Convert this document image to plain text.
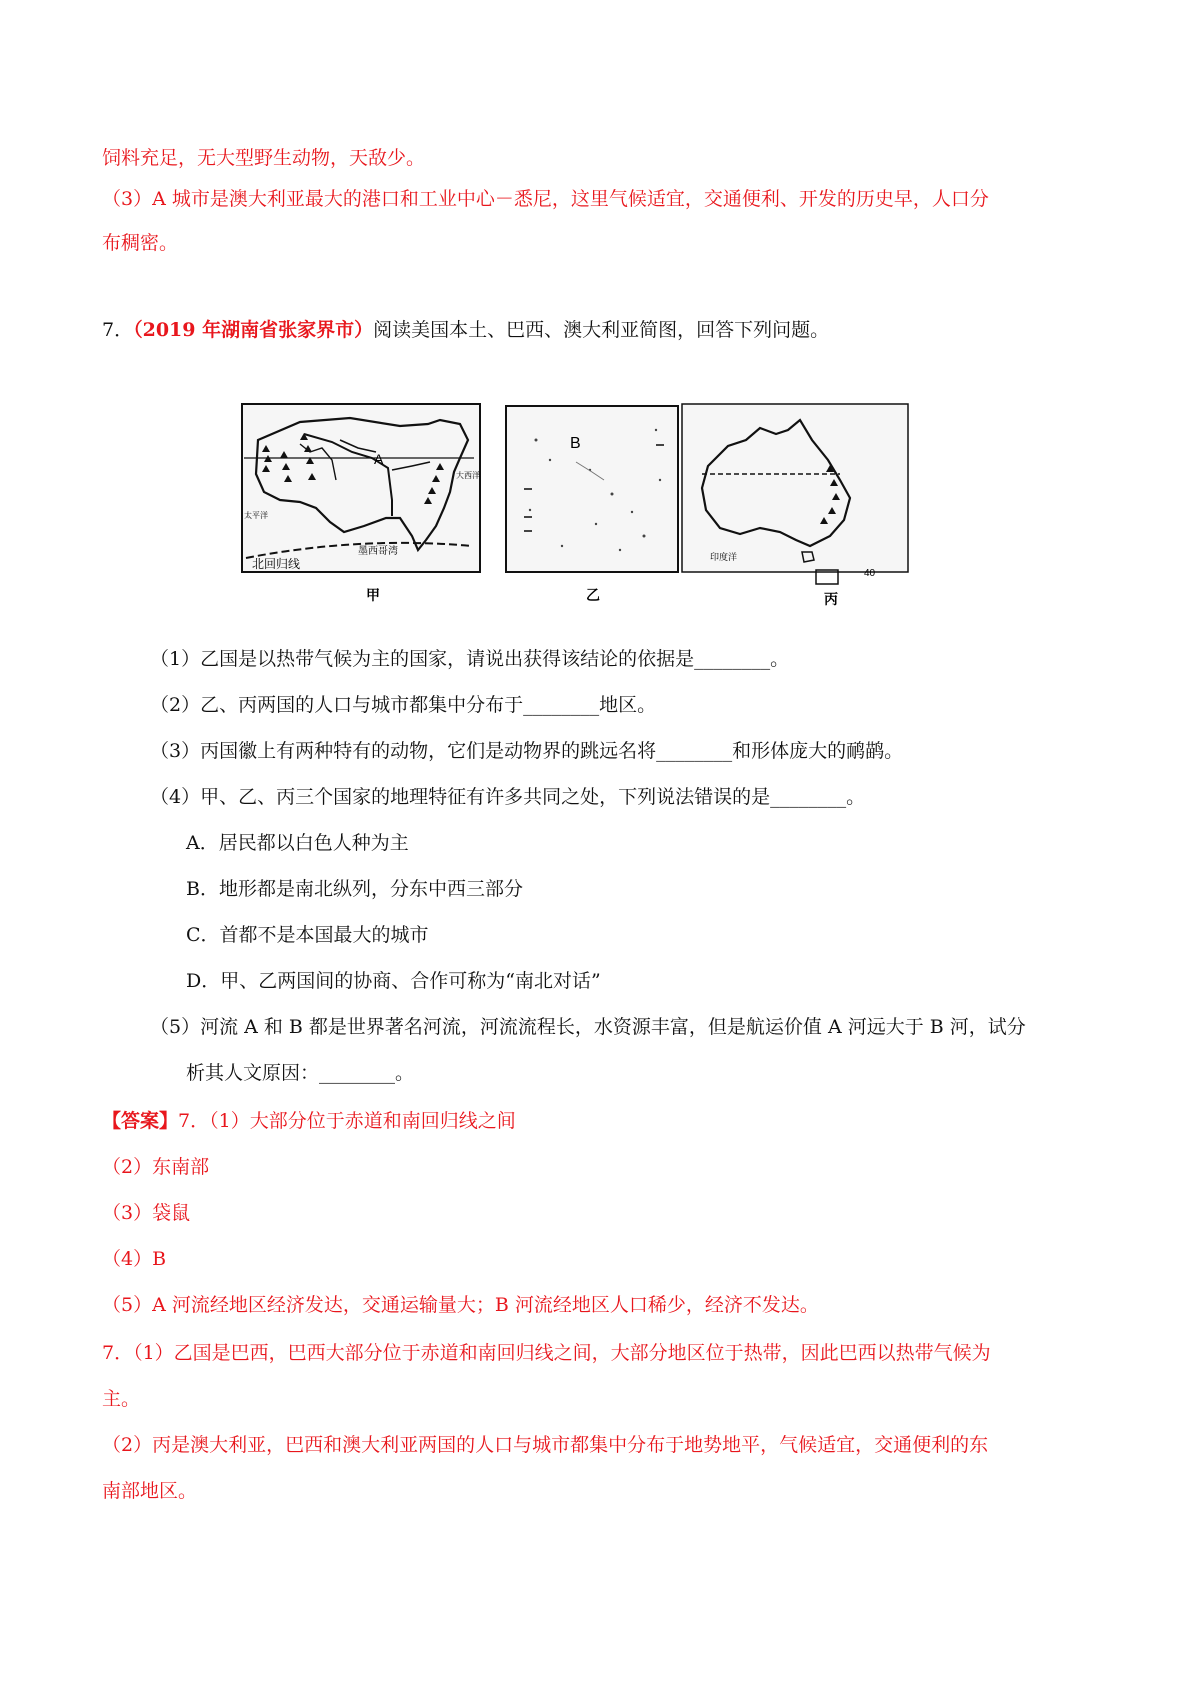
饲料充足，无大型野生动物，天敌少。
（3）A 城市是澳大利亚最大的港口和工业中心－悉尼，这里气候适宜，交通便利、开发的历史早，人口分
布稠密。
7．（2019 年湖南省张家界市）阅读美国本土、巴西、澳大利亚简图，回答下列问题。
A
北回归线
墨西哥湾
太平洋
大西洋
B
印度洋
40
甲	乙	丙
（1）乙国是以热带气候为主的国家，请说出获得该结论的依据是________。
（2）乙、丙两国的人口与城市都集中分布于________地区。
（3）丙国徽上有两种特有的动物，它们是动物界的跳远名将________和形体庞大的鸸鹋。
（4）甲、乙、丙三个国家的地理特征有许多共同之处，下列说法错误的是________。
A．居民都以白色人种为主
B．地形都是南北纵列，分东中西三部分
C．首都不是本国最大的城市
D．甲、乙两国间的协商、合作可称为“南北对话”
（5）河流 A 和 B 都是世界著名河流，河流流程长，水资源丰富，但是航运价值 A 河远大于 B 河，试分
析其人文原因：________。
【答案】7．（1）大部分位于赤道和南回归线之间
（2）东南部
（3）袋鼠
（4）B
（5）A 河流经地区经济发达，交通运输量大；B 河流经地区人口稀少，经济不发达。
7．（1）乙国是巴西，巴西大部分位于赤道和南回归线之间，大部分地区位于热带，因此巴西以热带气候为
主。
（2）丙是澳大利亚，巴西和澳大利亚两国的人口与城市都集中分布于地势地平，气候适宜，交通便利的东
南部地区。
